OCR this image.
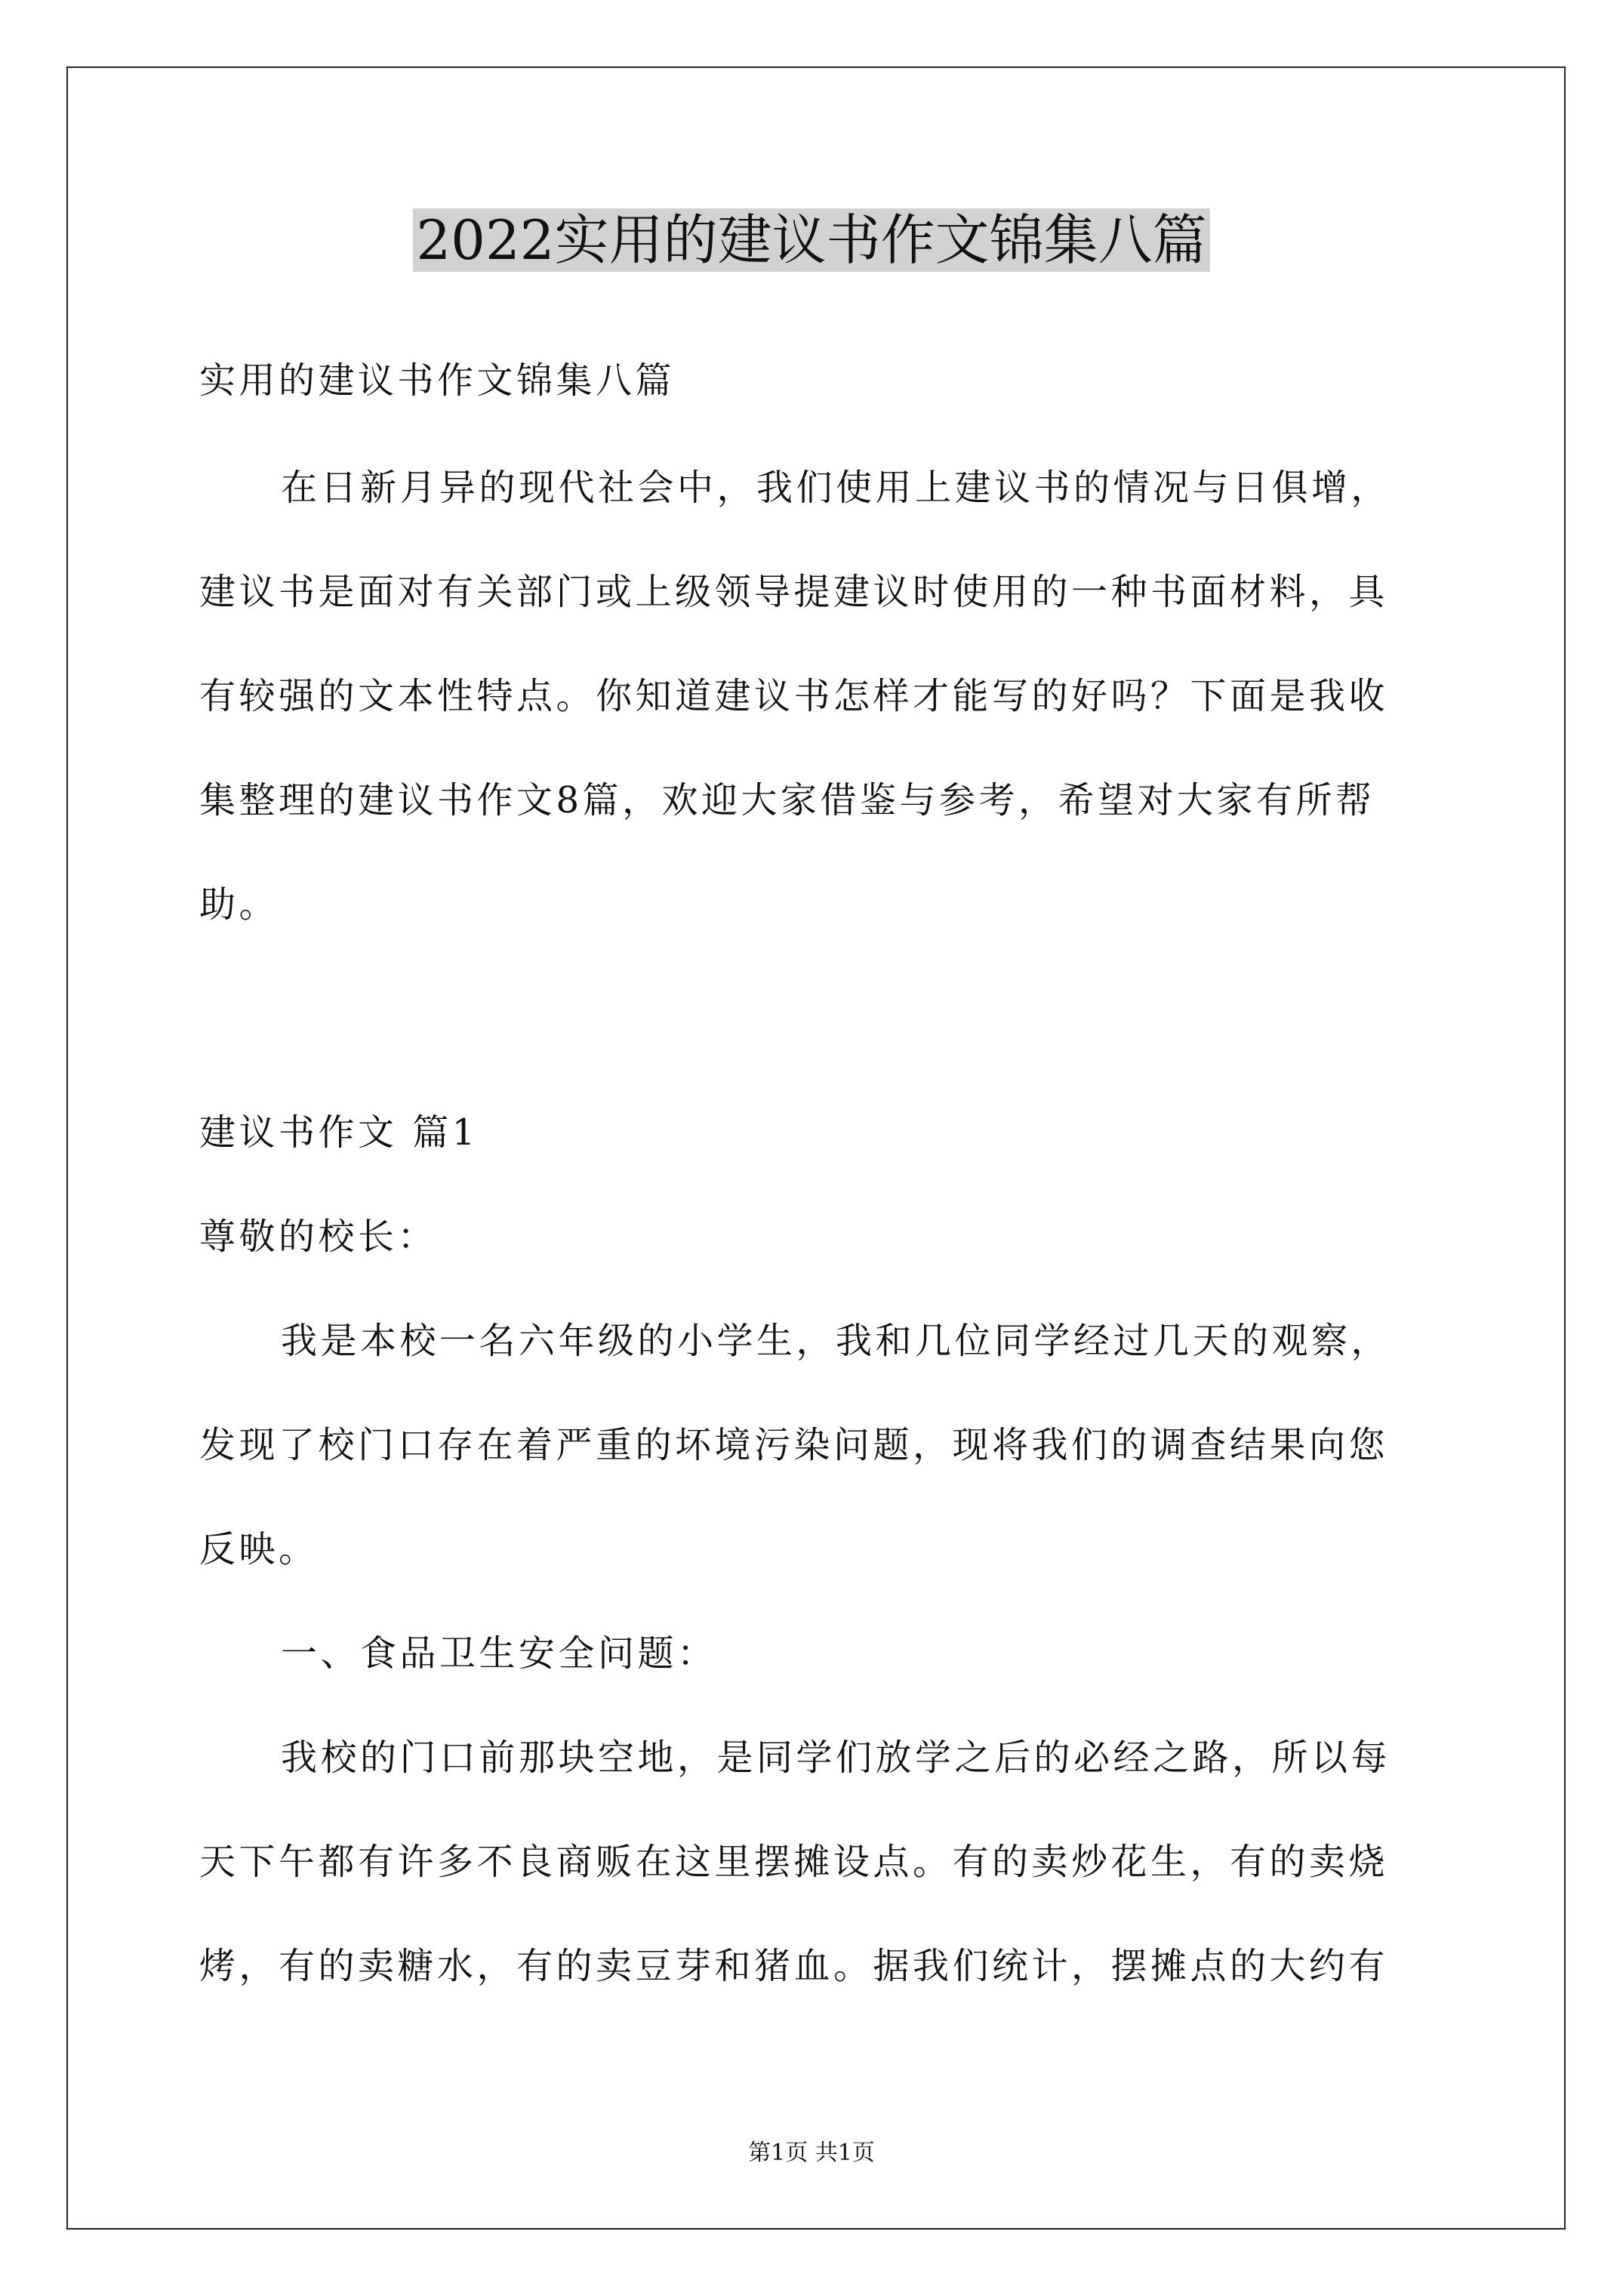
2022实用的建议书作文锦集八篇
实用的建议书作文锦集八篇
在日新月异的现代社会中，我们使用上建议书的情况与日俱增，
建议书是面对有关部门或上级领导提建议时使用的一种书面材料，具
有较强的文本性特点。你知道建议书怎样才能写的好吗？下面是我收
集整理的建议书作文8篇，欢迎大家借鉴与参考，希望对大家有所帮
助。
建议书作文 篇1
尊敬的校长：
我是本校一名六年级的小学生，我和几位同学经过几天的观察，
发现了校门口存在着严重的坏境污染问题，现将我们的调查结果向您
反映。
一、食品卫生安全问题：
我校的门口前那块空地，是同学们放学之后的必经之路，所以每
天下午都有许多不良商贩在这里摆摊设点。有的卖炒花生，有的卖烧
烤，有的卖糖水，有的卖豆芽和猪血。据我们统计，摆摊点的大约有
第1页 共1页
